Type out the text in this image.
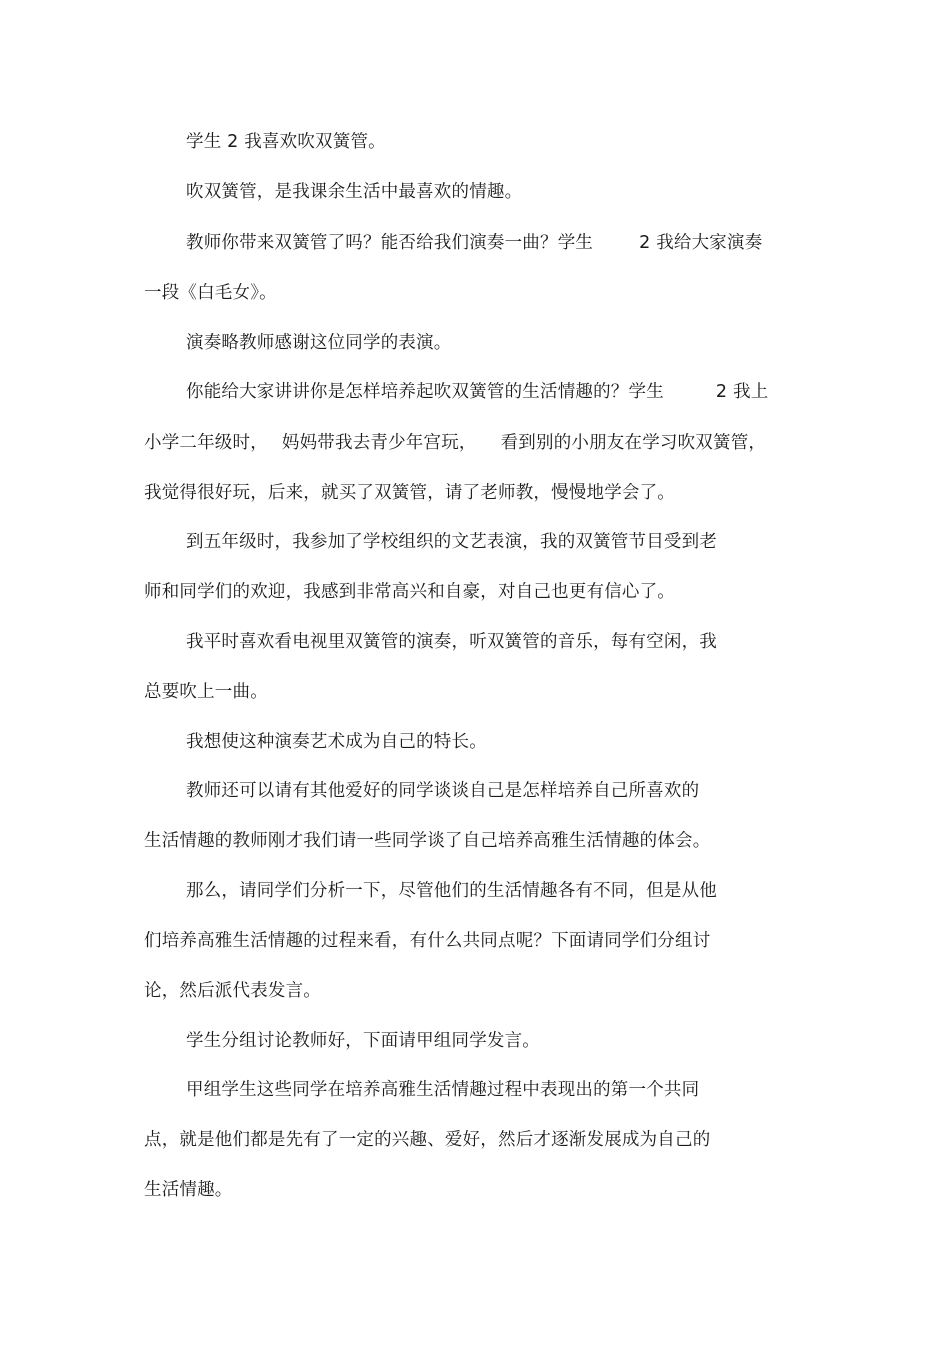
学生 2 我喜欢吹双簧管。
吹双簧管，是我课余生活中最喜欢的情趣。
教师你带来双簧管了吗？能否给我们演奏一曲？学生	2 我给大家演奏
一段《白毛女》。
演奏略教师感谢这位同学的表演。
你能给大家讲讲你是怎样培养起吹双簧管的生活情趣的？学生	2 我上
小学二年级时， 妈妈带我去青少年宫玩， 看到别的小朋友在学习吹双簧管，
我觉得很好玩，后来，就买了双簧管，请了老师教，慢慢地学会了。
到五年级时，我参加了学校组织的文艺表演，我的双簧管节目受到老
师和同学们的欢迎，我感到非常高兴和自豪，对自己也更有信心了。
我平时喜欢看电视里双簧管的演奏，听双簧管的音乐，每有空闲，我
总要吹上一曲。
我想使这种演奏艺术成为自己的特长。
教师还可以请有其他爱好的同学谈谈自己是怎样培养自己所喜欢的
生活情趣的教师刚才我们请一些同学谈了自己培养高雅生活情趣的体会。
那么，请同学们分析一下，尽管他们的生活情趣各有不同，但是从他
们培养高雅生活情趣的过程来看，有什么共同点呢？下面请同学们分组讨
论，然后派代表发言。
学生分组讨论教师好，下面请甲组同学发言。
甲组学生这些同学在培养高雅生活情趣过程中表现出的第一个共同
点，就是他们都是先有了一定的兴趣、爱好，然后才逐渐发展成为自己的
生活情趣。
